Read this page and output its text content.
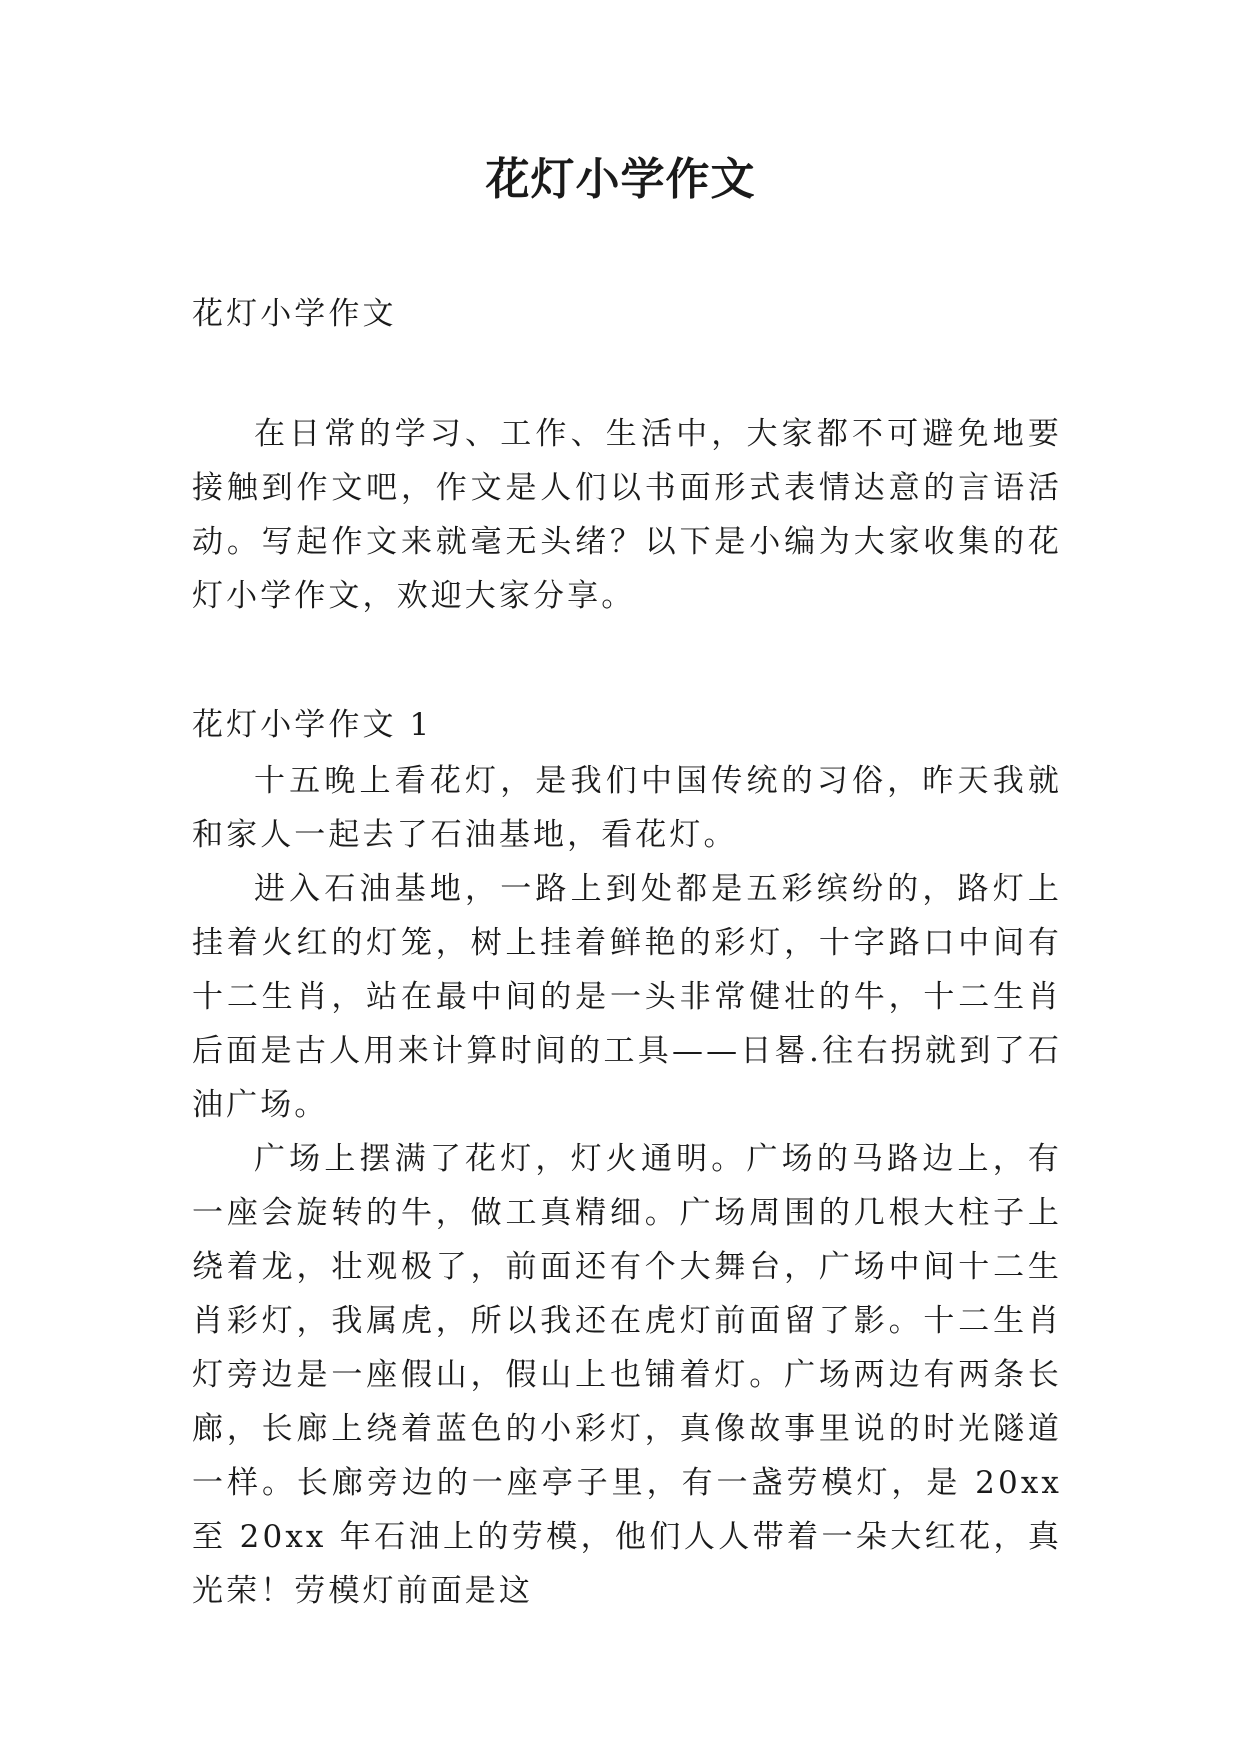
花灯小学作文
花灯小学作文

在日常的学习、工作、生活中，大家都不可避免地要接触到作文吧，作文是人们以书面形式表情达意的言语活动。写起作文来就毫无头绪？以下是小编为大家收集的花灯小学作文，欢迎大家分享。

花灯小学作文 1

十五晚上看花灯，是我们中国传统的习俗，昨天我就和家人一起去了石油基地，看花灯。

进入石油基地，一路上到处都是五彩缤纷的，路灯上挂着火红的灯笼，树上挂着鲜艳的彩灯，十字路口中间有十二生肖，站在最中间的是一头非常健壮的牛，十二生肖后面是古人用来计算时间的工具——日晷.往右拐就到了石油广场。

广场上摆满了花灯，灯火通明。广场的马路边上，有一座会旋转的牛，做工真精细。广场周围的几根大柱子上绕着龙，壮观极了，前面还有个大舞台，广场中间十二生肖彩灯，我属虎，所以我还在虎灯前面留了影。十二生肖灯旁边是一座假山，假山上也铺着灯。广场两边有两条长廊，长廊上绕着蓝色的小彩灯，真像故事里说的时光隧道一样。长廊旁边的一座亭子里，有一盏劳模灯，是 20xx 至 20xx 年石油上的劳模，他们人人带着一朵大红花，真光荣！劳模灯前面是这
